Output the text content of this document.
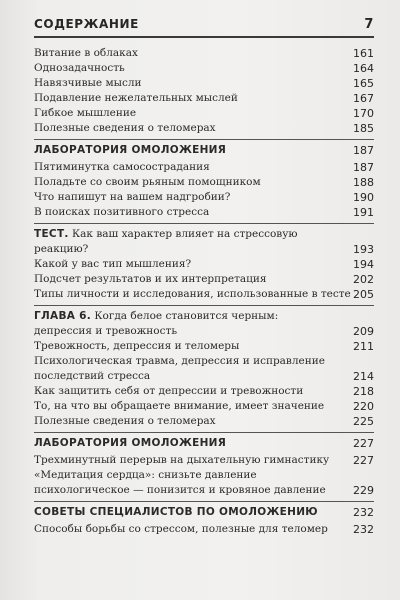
СОДЕРЖАНИЕ	7
Витание в облаках	161
Однозадачность	164
Навязчивые мысли	165
Подавление нежелательных мыслей	167
Гибкое мышление	170
Полезные сведения о теломерах	185
ЛАБОРАТОРИЯ ОМОЛОЖЕНИЯ	187
Пятиминутка самосострадания	187
Поладьте со своим рьяным помощником	188
Что напишут на вашем надгробии?	190
В поисках позитивного стресса	191
ТЕСТ. Как ваш характер влияет на стрессовую реакцию?	193
Какой у вас тип мышления?	194
Подсчет результатов и их интерпретация	202
Типы личности и исследования, использованные в тесте 205
ГЛАВА 6. Когда белое становится черным: депрессия и тревожность	209
Тревожность, депрессия и теломеры	211
Психологическая травма, депрессия и исправление последствий стресса	214
Как защитить себя от депрессии и тревожности	218
То, на что вы обращаете внимание, имеет значение	220
Полезные сведения о теломерах	225
ЛАБОРАТОРИЯ ОМОЛОЖЕНИЯ	227
Трехминутный перерыв на дыхательную гимнастику 227
«Медитация сердца»: снизьте давление психологическое — понизится и кровяное давление	229
СОВЕТЫ СПЕЦИАЛИСТОВ ПО ОМОЛОЖЕНИЮ	232
Способы борьбы со стрессом, полезные для теломер 232
